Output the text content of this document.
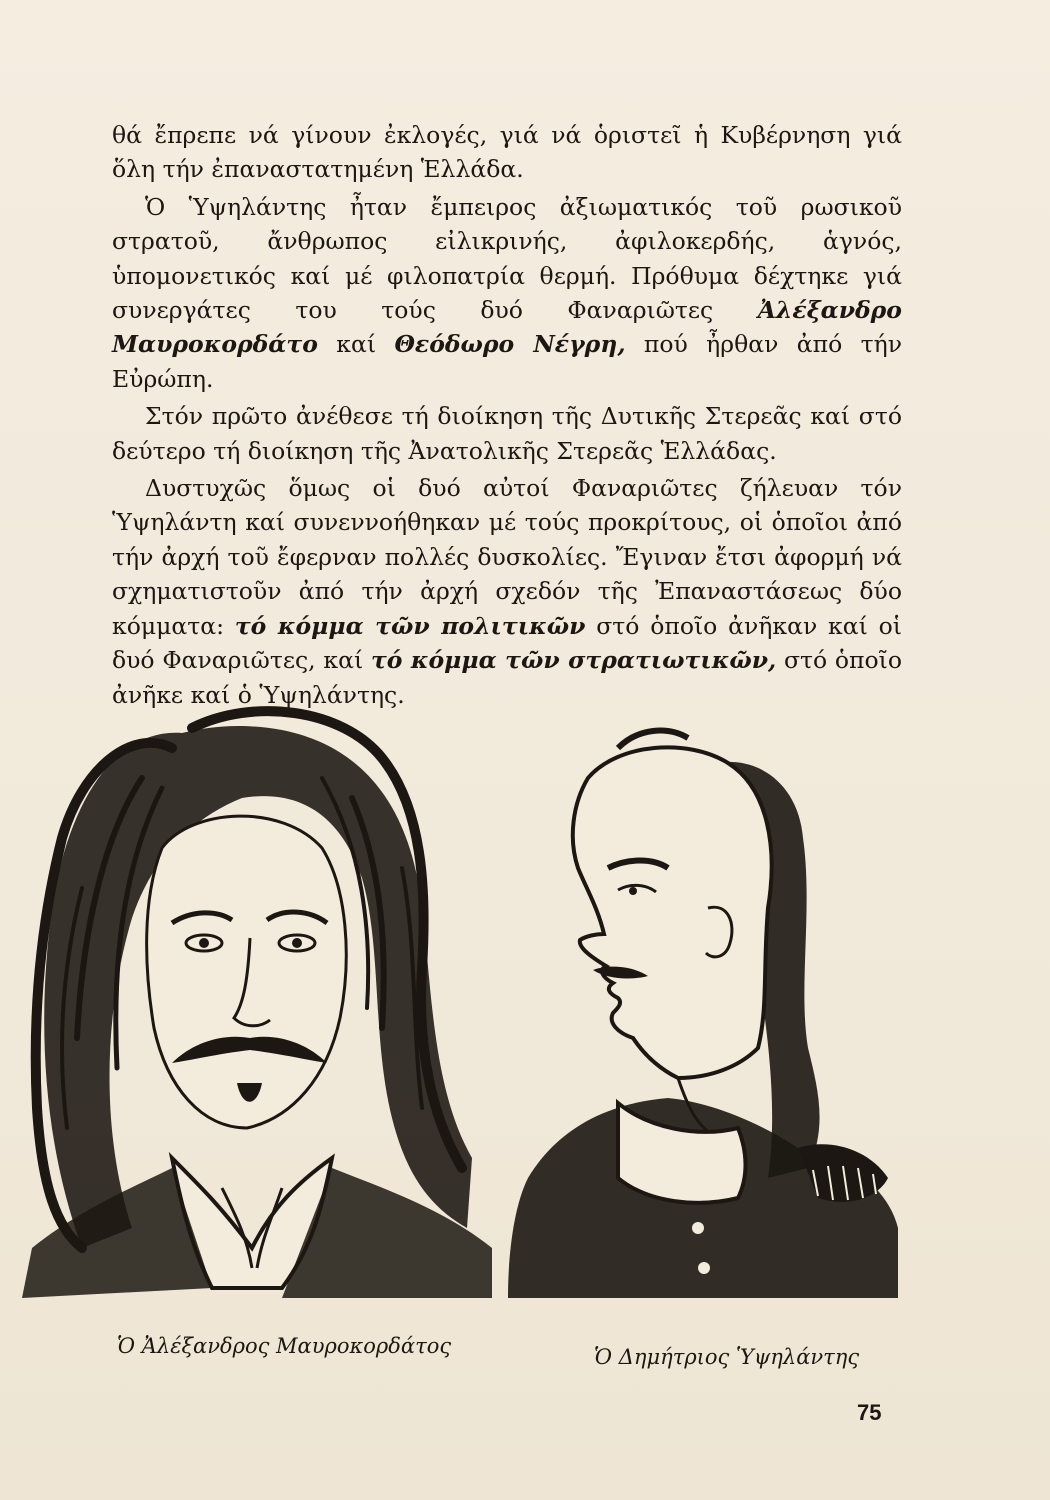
θά ἔπρεπε νά γίνουν ἐκλογές, γιά νά ὁριστεῖ ἡ Κυβέρνηση γιά ὅλη τήν ἐπαναστατημένη Ἑλλάδα.

Ὁ Ὑψηλάντης ἦταν ἔμπειρος ἀξιωματικός τοῦ ρωσικοῦ στρατοῦ, ἄνθρωπος εἰλικρινής, ἀφιλοκερδής, ἁγνός, ὑπομονετικός καί μέ φιλοπατρία θερμή. Πρόθυμα δέχτηκε γιά συνεργάτες του τούς δυό Φαναριῶτες Ἀλέξανδρο Μαυροκορδάτο καί Θεόδωρο Νέγρη, πού ἦρθαν ἀπό τήν Εὐρώπη.

Στόν πρῶτο ἀνέθεσε τή διοίκηση τῆς Δυτικῆς Στερεᾶς καί στό δεύτερο τή διοίκηση τῆς Ἀνατολικῆς Στερεᾶς Ἑλλάδας.

Δυστυχῶς ὅμως οἱ δυό αὐτοί Φαναριῶτες ζήλευαν τόν Ὑψηλάντη καί συνεννοήθηκαν μέ τούς προκρίτους, οἱ ὁποῖοι ἀπό τήν ἀρχή τοῦ ἔφερναν πολλές δυσκολίες. Ἔγιναν ἔτσι ἀφορμή νά σχηματιστοῦν ἀπό τήν ἀρχή σχεδόν τῆς Ἐπαναστάσεως δύο κόμματα: τό κόμμα τῶν πολιτικῶν στό ὁποῖο ἀνῆκαν καί οἱ δυό Φαναριῶτες, καί τό κόμμα τῶν στρατιωτικῶν, στό ὁποῖο ἀνῆκε καί ὁ Ὑψηλάντης.

Ὁ Ἀλέξανδρος Μαυροκορδάτος	Ὁ Δημήτριος Ὑψηλάντης
75
